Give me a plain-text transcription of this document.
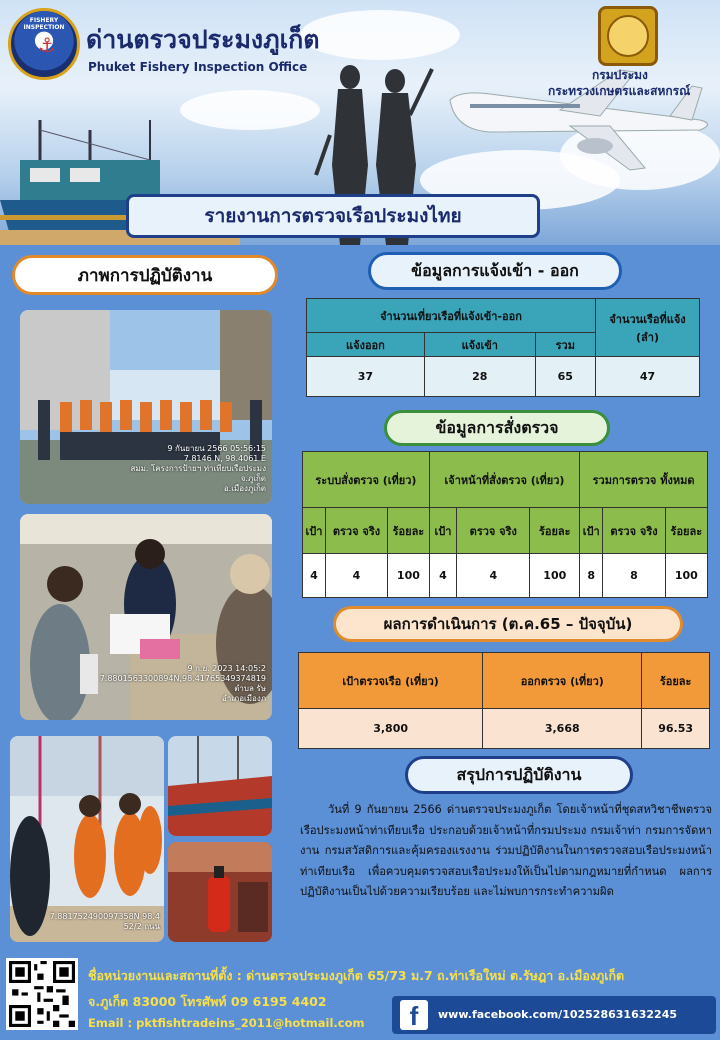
FISHERY INSPECTION
⚓ ด่านตรวจประมงภูเก็ต
Phuket Fishery Inspection Office
กรมประมง
กระทรวงเกษตรและสหกรณ์
รายงานการตรวจเรือประมงไทย
ภาพการปฏิบัติงาน
9 กันยายน 2566 05:56:15
7.8146 N, 98.4061 E
สมม. โครงการป้ายฯ ท่าเทียบเรือประมง
จ.ภูเก็ต
อ.เมืองภูเก็ต
9 ก.ย. 2023 14:05:2
7.8801563300894N,98.41765349374819
ตำบล รัษ
อำเภอเมืองภ
7.881752490097358N 98.4
52/2 ถนน
ข้อมูลการแจ้งเข้า - ออก
จำนวนเที่ยวเรือที่แจ้งเข้า-ออก			จำนวนเรือที่แจ้ง (ลำ)
แจ้งออก	แจ้งเข้า	รวม	
37	28	65	47
ข้อมูลการสั่งตรวจ
ระบบสั่งตรวจ (เที่ยว)			เจ้าหน้าที่สั่งตรวจ (เที่ยว)			รวมการตรวจ ทั้งหมด		
เป้า	ตรวจ จริง	ร้อยละ	เป้า	ตรวจ จริง	ร้อยละ	เป้า	ตรวจ จริง	ร้อยละ
4	4	100	4	4	100	8	8	100
ผลการดำเนินการ (ต.ค.65 – ปัจจุบัน)
เป้าตรวจเรือ (เที่ยว)	ออกตรวจ (เที่ยว)	ร้อยละ
3,800	3,668	96.53
สรุปการปฏิบัติงาน
วันที่ 9 กันยายน 2566 ด่านตรวจประมงภูเก็ต โดยเจ้าหน้าที่ชุดสหวิชาชีพตรวจเรือประมงหน้าท่าเทียบเรือ ประกอบด้วยเจ้าหน้าที่กรมประมง กรมเจ้าท่า กรมการจัดหางาน กรมสวัสดิการและคุ้มครองแรงงาน ร่วมปฏิบัติงานในการตรวจสอบเรือประมงหน้าท่าเทียบเรือ เพื่อควบคุมตรวจสอบเรือประมงให้เป็นไปตามกฎหมายที่กำหนด ผลการปฏิบัติงานเป็นไปด้วยความเรียบร้อย และไม่พบการกระทำความผิด
ชื่อหน่วยงานและสถานที่ตั้ง : ด่านตรวจประมงภูเก็ต 65/73 ม.7 ถ.ท่าเรือใหม่ ต.รัษฎา อ.เมืองภูเก็ต
จ.ภูเก็ต 83000 โทรศัพท์ 09 6195 4402
Email : pktfishtradeins_2011@hotmail.com	f	www.facebook.com/102528631632245
